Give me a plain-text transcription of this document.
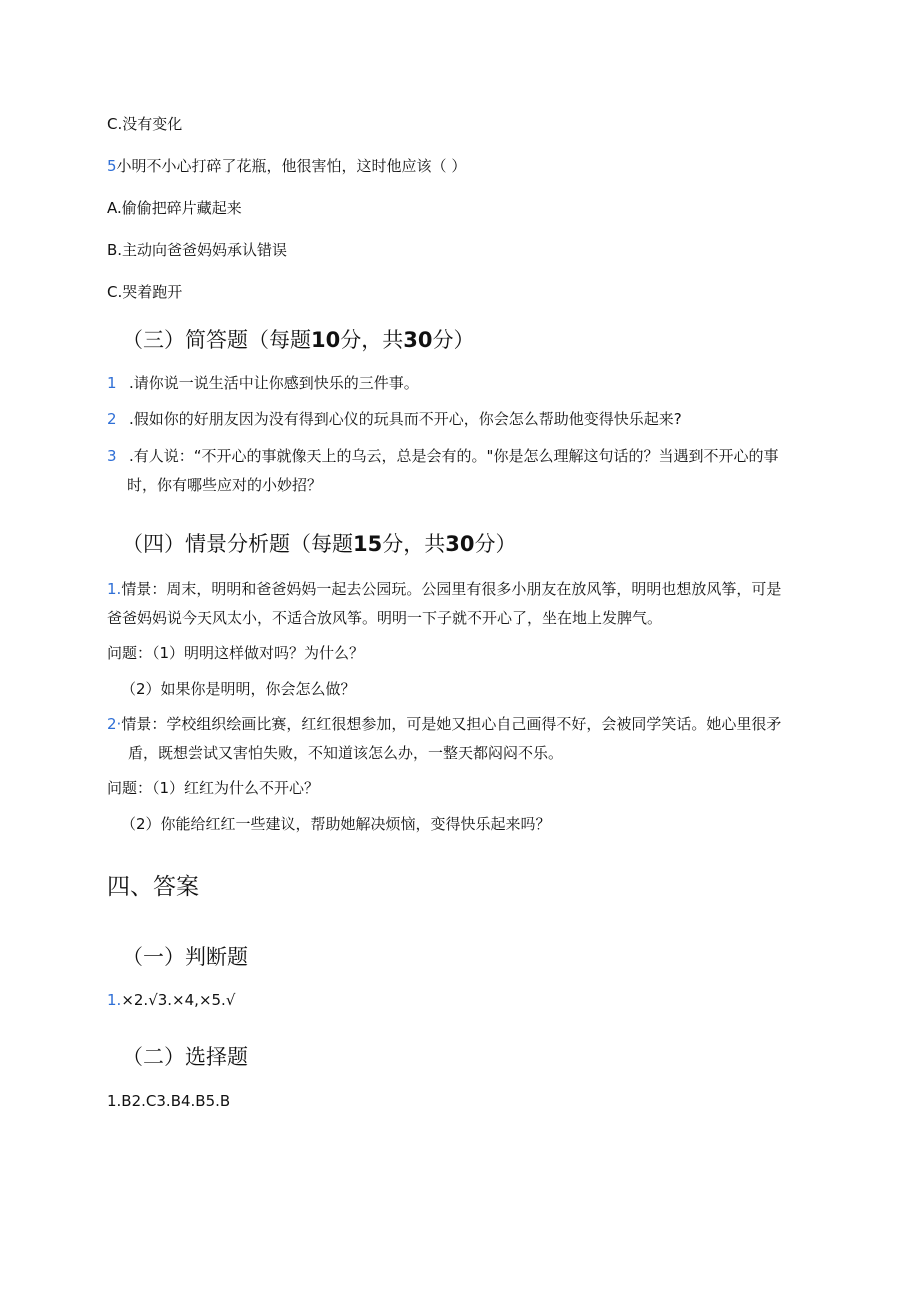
C.没有变化
5小明不小心打碎了花瓶，他很害怕，这时他应该（ ）
A.偷偷把碎片藏起来
B.主动向爸爸妈妈承认错误
C.哭着跑开
（三）简答题（每题10分，共30分）
1 .请你说一说生活中让你感到快乐的三件事。
2 .假如你的好朋友因为没有得到心仪的玩具而不开心，你会怎么帮助他变得快乐起来?
3 .有人说：“不开心的事就像天上的乌云，总是会有的。"你是怎么理解这句话的？当遇到不开心的事
时，你有哪些应对的小妙招？
（四）情景分析题（每题15分，共30分）
1.情景：周末，明明和爸爸妈妈一起去公园玩。公园里有很多小朋友在放风筝，明明也想放风筝，可是
爸爸妈妈说今天风太小，不适合放风筝。明明一下子就不开心了，坐在地上发脾气。
问题：（1）明明这样做对吗？为什么？
（2）如果你是明明，你会怎么做？
2·情景：学校组织绘画比赛，红红很想参加，可是她又担心自己画得不好，会被同学笑话。她心里很矛
盾，既想尝试又害怕失败，不知道该怎么办，一整天都闷闷不乐。
问题：（1）红红为什么不开心？
（2）你能给红红一些建议，帮助她解决烦恼，变得快乐起来吗？
四、答案
（一）判断题
1.×2.√3.×4,×5.√
（二）选择题
1.B2.C3.B4.B5.B
